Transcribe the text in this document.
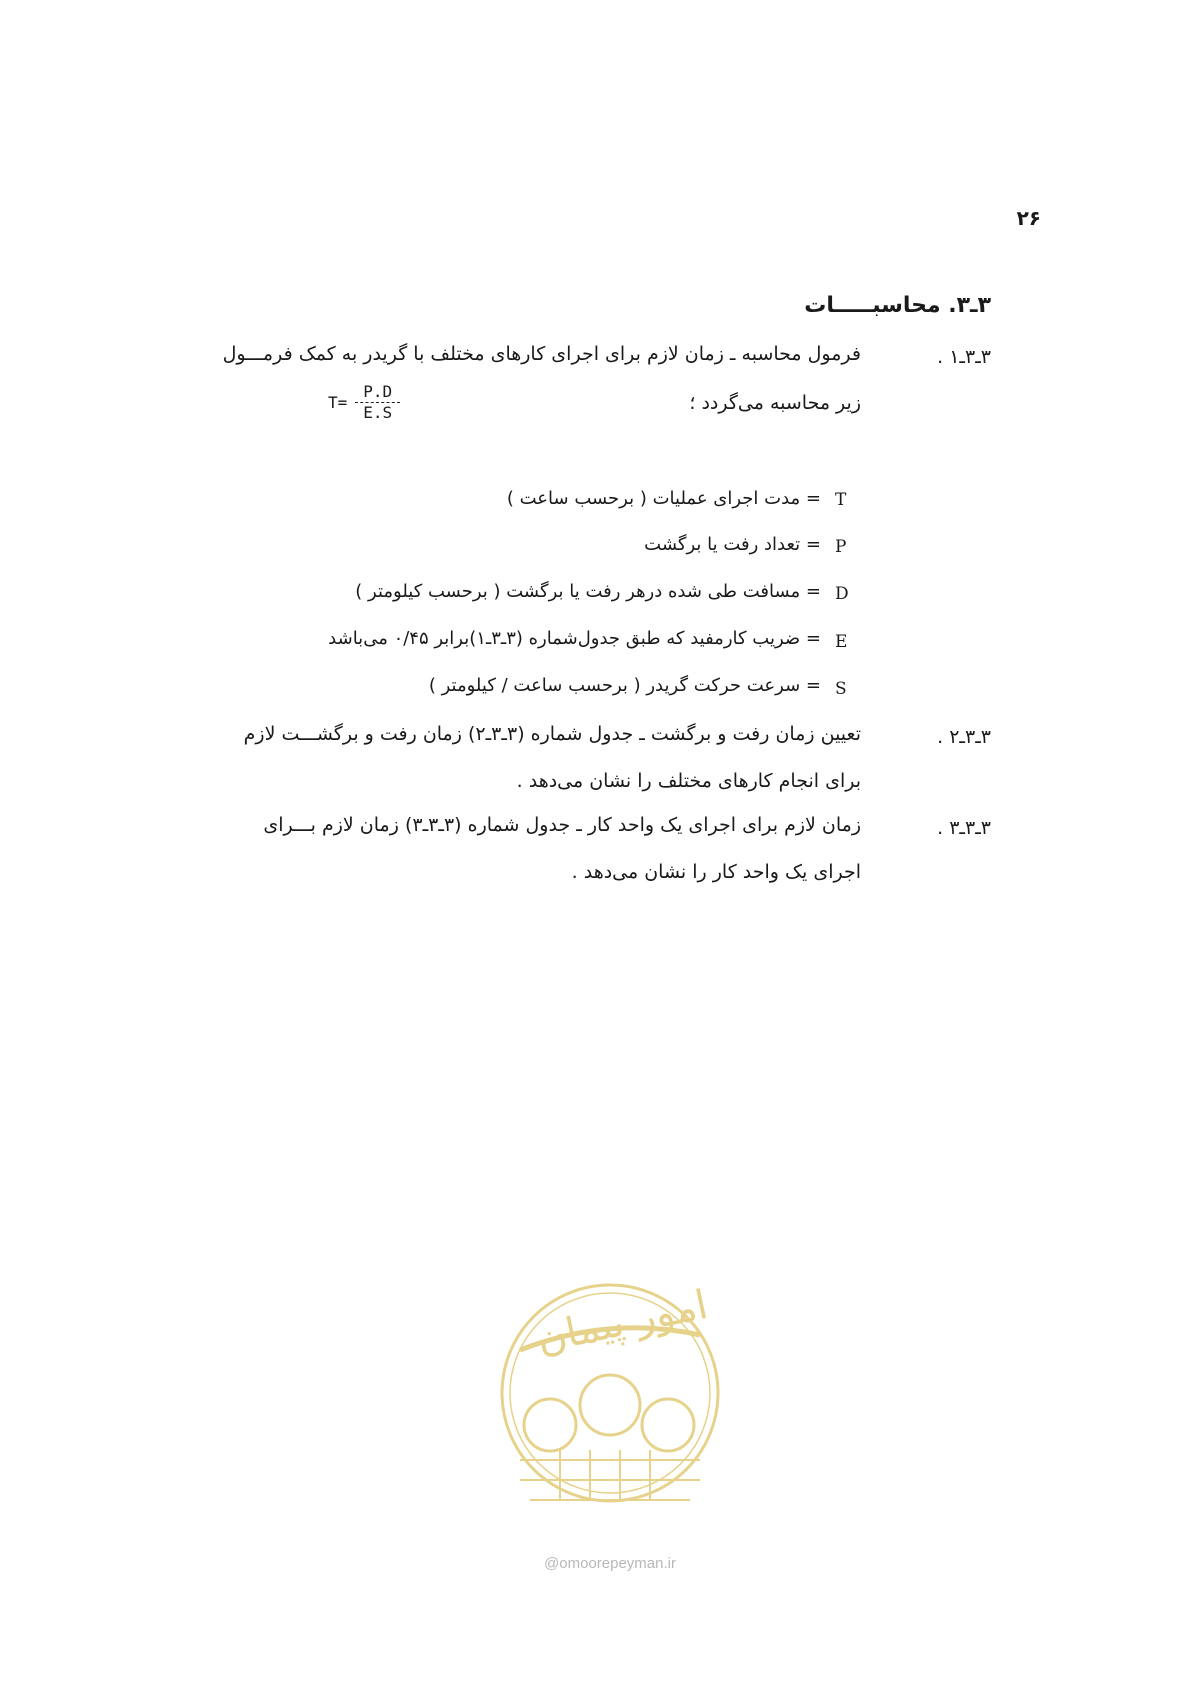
۲۶
۳ـ۳. محاسبـــــات
۳ـ۳ـ۱ .
فرمول محاسبه ـ زمان لازم برای اجرای کارهای مختلف با گریدر به کمک فرمـــول
زیر محاسبه می‌گردد ؛
$T= \frac{P.D}{E.S}$
T
= مدت اجرای عملیات ( برحسب ساعت )
P
= تعداد رفت یا برگشت
D
= مسافت طی شده درهر رفت یا برگشت ( برحسب کیلومتر )
E
= ضریب کارمفید که طبق جدول‌شماره (۳ـ۳ـ۱)برابر ۰/۴۵ می‌باشد
S
= سرعت حرکت گریدر ( برحسب ساعت / کیلومتر )
۳ـ۳ـ۲ .
تعیین زمان رفت و برگشت ـ جدول شماره (۳ـ۳ـ۲) زمان رفت و برگشـــت لازم
برای انجام کارهای مختلف را نشان می‌دهد .
۳ـ۳ـ۳ .
زمان لازم برای اجرای یک واحد کار ـ جدول شماره (۳ـ۳ـ۳) زمان لازم بـــرای
اجرای یک واحد کار را نشان می‌دهد .
امور پیمان
@omoorepeyman.ir
